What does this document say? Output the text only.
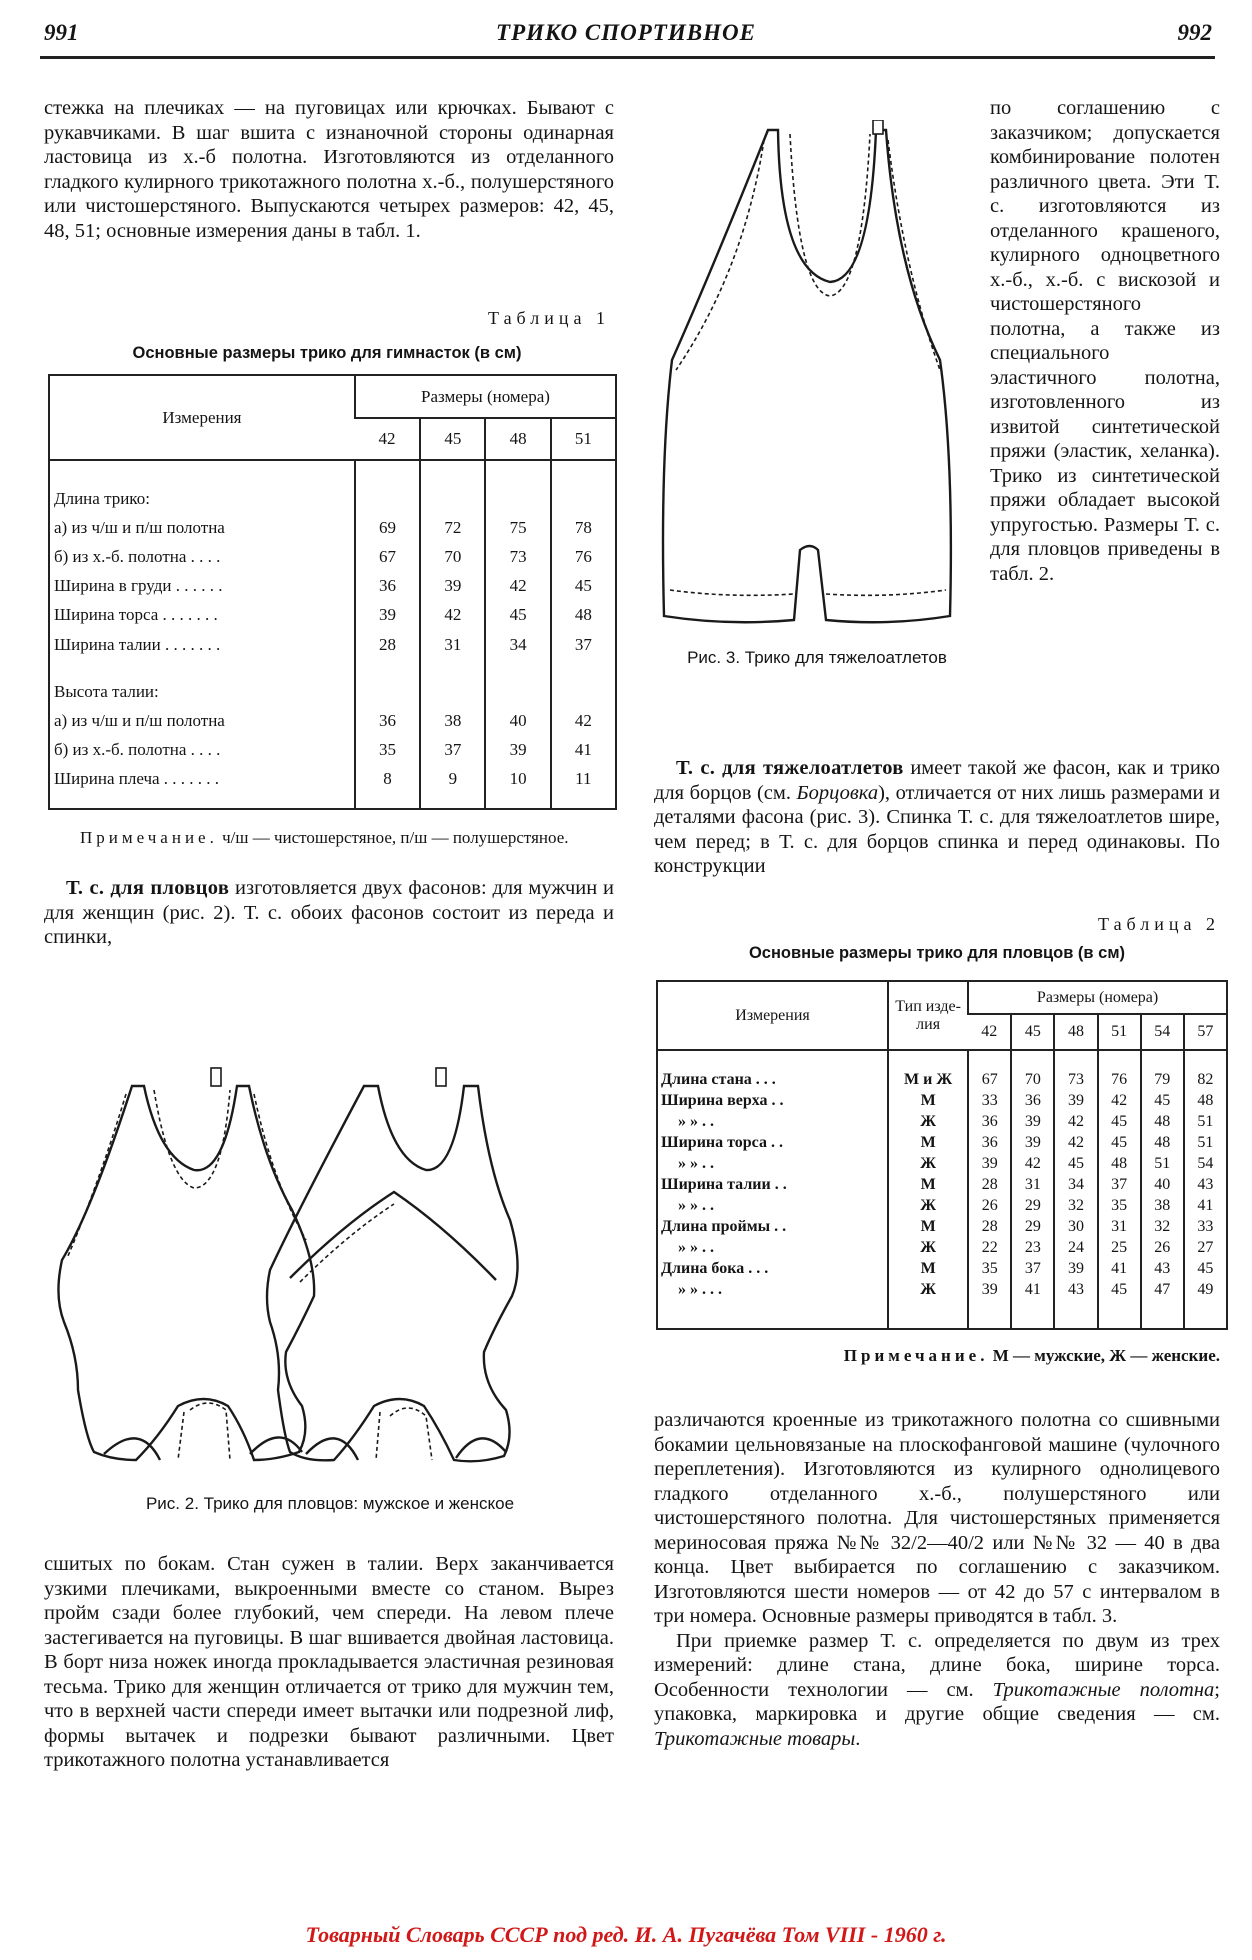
991	ТРИКО СПОРТИВНОЕ	992

стежка на плечиках — на пуговицах или крючках. Бывают с рукавчиками. В шаг вшита с изнаночной стороны одинарная ластовица из х.-б полотна. Изготовляются из отделанного гладкого кулирного трикотажного полотна х.-б., полушерстяного или чистошерстяного. Выпускаются четырех размеров: 42, 45, 48, 51; основные измерения даны в табл. 1.

Таблица 1
Основные размеры трико для гимнасток (в см)
Измерения	Размеры (номера)			
	42	45	48	51

Длина трико:				
а) из ч/ш и п/ш полотна	69	72	75	78
б) из х.-б. полотна . . . .	67	70	73	76
Ширина в груди . . . . . .	36	39	42	45
Ширина торса . . . . . . .	39	42	45	48
Ширина талии . . . . . . .	28	31	34	37

Высота талии:				
а) из ч/ш и п/ш полотна	36	38	40	42
б) из х.-б. полотна . . . .	35	37	39	41
Ширина плеча . . . . . . .	8	9	10	11

Примечание. ч/ш — чистошерстяное, п/ш — полушерстяное.
Т. с. для пловцов изготовляется двух фасонов: для мужчин и для женщин (рис. 2). Т. с. обоих фасонов состоит из переда и спинки,
Рис. 2. Трико для пловцов: мужское и женское

сшитых по бокам. Стан сужен в талии. Верх заканчивается узкими плечиками, выкроенными вместе со станом. Вырез пройм сзади более глубокий, чем спереди. На левом плече застегивается на пуговицы. В шаг вшивается двойная ластовица. В борт низа ножек иногда прокладывается эластичная резиновая тесьма. Трико для женщин отличается от трико для мужчин тем, что в верхней части спереди имеет вытачки или подрезной лиф, формы вытачек и подрезки бывают различными. Цвет трикотажного полотна устанавливается

Рис. 3. Трико для тяжелоатлетов

по соглашению с заказчиком; допускается комбинирование полотен различного цвета. Эти Т. с. изготовляются из отделанного крашеного, кулирного одноцветного х.-б., х.-б. с вискозой и чистошерстяного полотна, а также из специального эластичного полотна, изготовленного из извитой синтетической пряжи (эластик, хеланка). Трико из синтетической пряжи обладает высокой упругостью. Размеры Т. с. для пловцов приведены в табл. 2.

Т. с. для тяжелоатлетов имеет такой же фасон, как и трико для борцов (см. Борцовка), отличается от них лишь размерами и деталями фасона (рис. 3). Спинка Т. с. для тяжелоатлетов шире, чем перед; в Т. с. для борцов спинка и перед одинаковы. По конструкции
Таблица 2
Основные размеры трико для пловцов (в см)
Измерения	Тип изде-лия	Размеры (номера)					
		42	45	48	51	54	57

Длина стана . . .	М и Ж	67	70	73	76	79	82
Ширина верха . .	М	33	36	39	42	45	48
» » . .	Ж	36	39	42	45	48	51
Ширина торса . .	М	36	39	42	45	48	51
» » . .	Ж	39	42	45	48	51	54
Ширина талии . .	М	28	31	34	37	40	43
» » . .	Ж	26	29	32	35	38	41
Длина проймы . .	М	28	29	30	31	32	33
» » . .	Ж	22	23	24	25	26	27
Длина бока . . .	М	35	37	39	41	43	45
» » . . .	Ж	39	41	43	45	47	49

Примечание. М — мужские, Ж — женские.

различаются кроенные из трикотажного полотна со сшивными бокамии цельновязаные на плоскофанговой машине (чулочного переплетения). Изготовляются из кулирного однолицевого гладкого отделанного х.-б., полушерстяного или чистошерстяного полотна. Для чистошерстяных применяется мериносовая пряжа №№ 32/2—40/2 или №№ 32 — 40 в два конца. Цвет выбирается по соглашению с заказчиком. Изготовляются шести номеров — от 42 до 57 с интервалом в три номера. Основные размеры приводятся в табл. 3.

При приемке размер Т. с. определяется по двум из трех измерений: длине стана, длине бока, ширине торса. Особенности технологии — см. Трикотажные полотна; упаковка, маркировка и другие общие сведения — см. Трикотажные товары.

Товарный Словарь СССР под ред. И. А. Пугачёва Том VIII - 1960 г.
